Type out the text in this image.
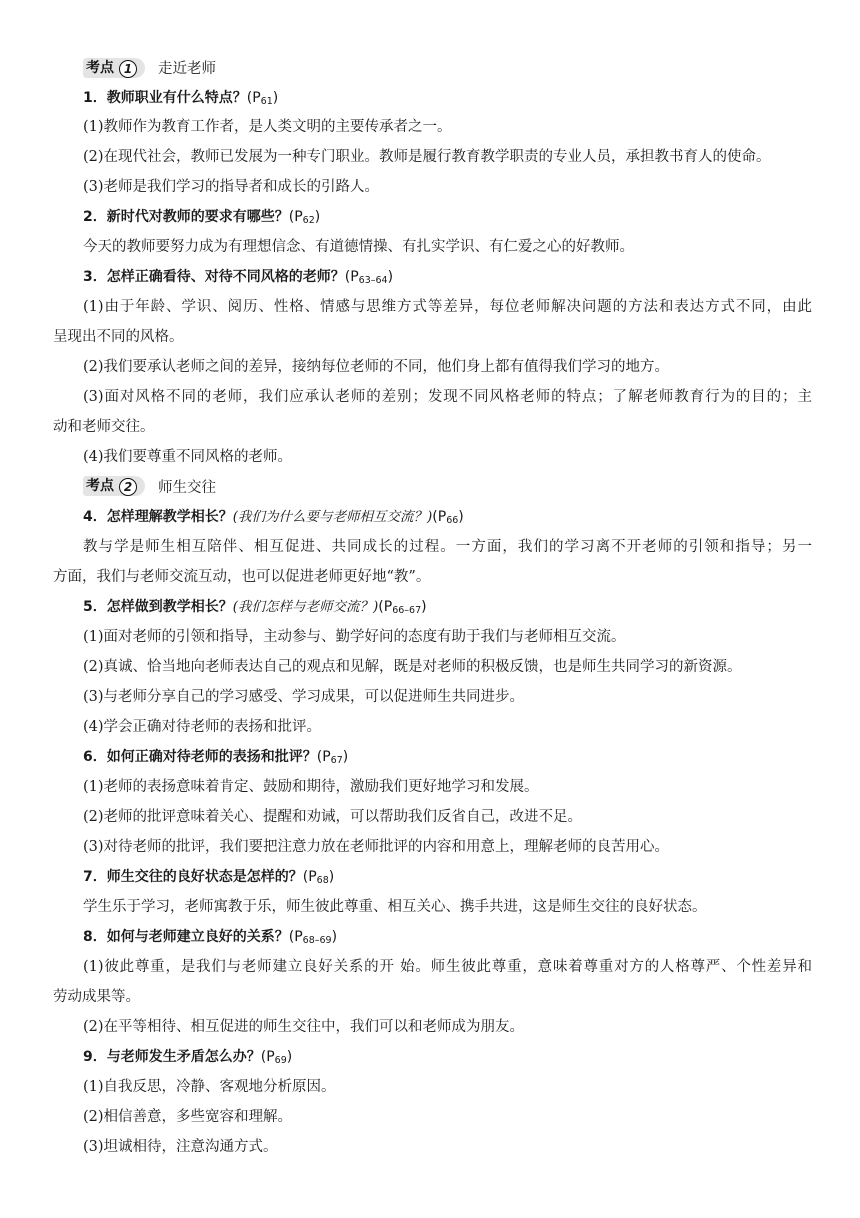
考点 1	走近老师
1．教师职业有什么特点？$(P_{61})$
(1)教师作为教育工作者，是人类文明的主要传承者之一。
(2)在现代社会，教师已发展为一种专门职业。教师是履行教育教学职责的专业人员，承担教书育人的使命。
(3)老师是我们学习的指导者和成长的引路人。
2．新时代对教师的要求有哪些？$(P_{62})$
今天的教师要努力成为有理想信念、有道德情操、有扎实学识、有仁爱之心的好教师。
3．怎样正确看待、对待不同风格的老师？$(P_{63-64})$
(1)由于年龄、学识、阅历、性格、情感与思维方式等差异，每位老师解决问题的方法和表达方式不同，由此
呈现出不同的风格。
(2)我们要承认老师之间的差异，接纳每位老师的不同，他们身上都有值得我们学习的地方。
(3)面对风格不同的老师，我们应承认老师的差别；发现不同风格老师的特点；了解老师教育行为的目的；主
动和老师交往。
(4)我们要尊重不同风格的老师。
考点 2	师生交往
4．怎样理解教学相长？(我们为什么要与老师相互交流？)$(P_{66})$
教与学是师生相互陪伴、相互促进、共同成长的过程。一方面，我们的学习离不开老师的引领和指导；另一
方面，我们与老师交流互动，也可以促进老师更好地“教”。
5．怎样做到教学相长？(我们怎样与老师交流？)$(P_{66-67})$
(1)面对老师的引领和指导，主动参与、勤学好问的态度有助于我们与老师相互交流。
(2)真诚、恰当地向老师表达自己的观点和见解，既是对老师的积极反馈，也是师生共同学习的新资源。
(3)与老师分享自己的学习感受、学习成果，可以促进师生共同进步。
(4)学会正确对待老师的表扬和批评。
6．如何正确对待老师的表扬和批评？$(P_{67})$
(1)老师的表扬意味着肯定、鼓励和期待，激励我们更好地学习和发展。
(2)老师的批评意味着关心、提醒和劝诫，可以帮助我们反省自己，改进不足。
(3)对待老师的批评，我们要把注意力放在老师批评的内容和用意上，理解老师的良苦用心。
7．师生交往的良好状态是怎样的？$(P_{68})$
学生乐于学习，老师寓教于乐，师生彼此尊重、相互关心、携手共进，这是师生交往的良好状态。
8．如何与老师建立良好的关系？$(P_{68-69})$
(1)彼此尊重，是我们与老师建立良好关系的开 始。师生彼此尊重，意味着尊重对方的人格尊严、个性差异和
劳动成果等。
(2)在平等相待、相互促进的师生交往中，我们可以和老师成为朋友。
9．与老师发生矛盾怎么办？$(P_{69})$
(1)自我反思，冷静、客观地分析原因。
(2)相信善意，多些宽容和理解。
(3)坦诚相待，注意沟通方式。
